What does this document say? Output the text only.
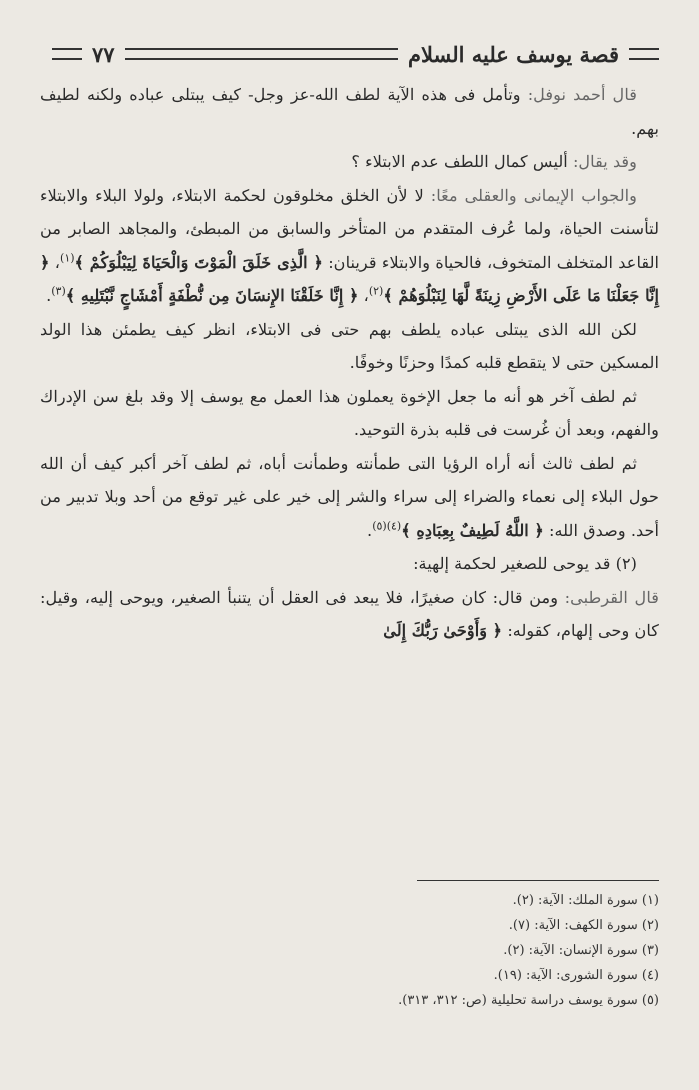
قصة يوسف عليه السلام
٧٧

قال أحمد نوفل: وتأمل فى هذه الآية لطف الله-عز وجل- كيف يبتلى عباده ولكنه لطيف بهم.

وقد يقال: أليس كمال اللطف عدم الابتلاء ؟

والجواب الإيمانى والعقلى معًا: لا لأن الخلق مخلوقون لحكمة الابتلاء، ولولا البلاء والابتلاء لتأسنت الحياة، ولما عُرف المتقدم من المتأخر والسابق من المبطئ، والمجاهد الصابر من القاعد المتخلف المتخوف، فالحياة والابتلاء قرينان: ﴿ الَّذِى خَلَقَ الْمَوْتَ وَالْحَيَاةَ لِيَبْلُوَكُمْ ﴾$^{(١)}$، ﴿ إِنَّا جَعَلْنَا مَا عَلَى الأَرْضِ زِينَةً لَّهَا لِنَبْلُوَهُمْ ﴾$^{(٢)}$، ﴿ إِنَّا خَلَقْنَا الإِنسَانَ مِن نُّطْفَةٍ أَمْشَاجٍ نَّبْتَلِيهِ ﴾$^{(٣)}$.

لكن الله الذى يبتلى عباده يلطف بهم حتى فى الابتلاء، انظر كيف يطمئن هذا الولد المسكين حتى لا يتقطع قلبه كمدًا وحزنًا وخوفًا.

ثم لطف آخر هو أنه ما جعل الإخوة يعملون هذا العمل مع يوسف إلا وقد بلغ سن الإدراك والفهم، وبعد أن غُرست فى قلبه بذرة التوحيد.

ثم لطف ثالث أنه أراه الرؤيا التى طمأنته وطمأنت أباه، ثم لطف آخر أكبر كيف أن الله حول البلاء إلى نعماء والضراء إلى سراء والشر إلى خير على غير توقع من أحد وبلا تدبير من أحد. وصدق الله: ﴿ اللَّهُ لَطِيفٌ بِعِبَادِهِ ﴾$^{(٤)(٥)}$.

(٢) قد يوحى للصغير لحكمة إلهية:

قال القرطبى: ومن قال: كان صغيرًا، فلا يبعد فى العقل أن يتنبأ الصغير، ويوحى إليه، وقيل: كان وحى إلهام، كقوله: ﴿ وَأَوْحَىٰ رَبُّكَ إِلَىٰ

(١) سورة الملك: الآية: (٢).
(٢) سورة الكهف: الآية: (٧).
(٣) سورة الإنسان: الآية: (٢).
(٤) سورة الشورى: الآية: (١٩).
(٥) سورة يوسف دراسة تحليلية (ص: ٣١٢، ٣١٣).
